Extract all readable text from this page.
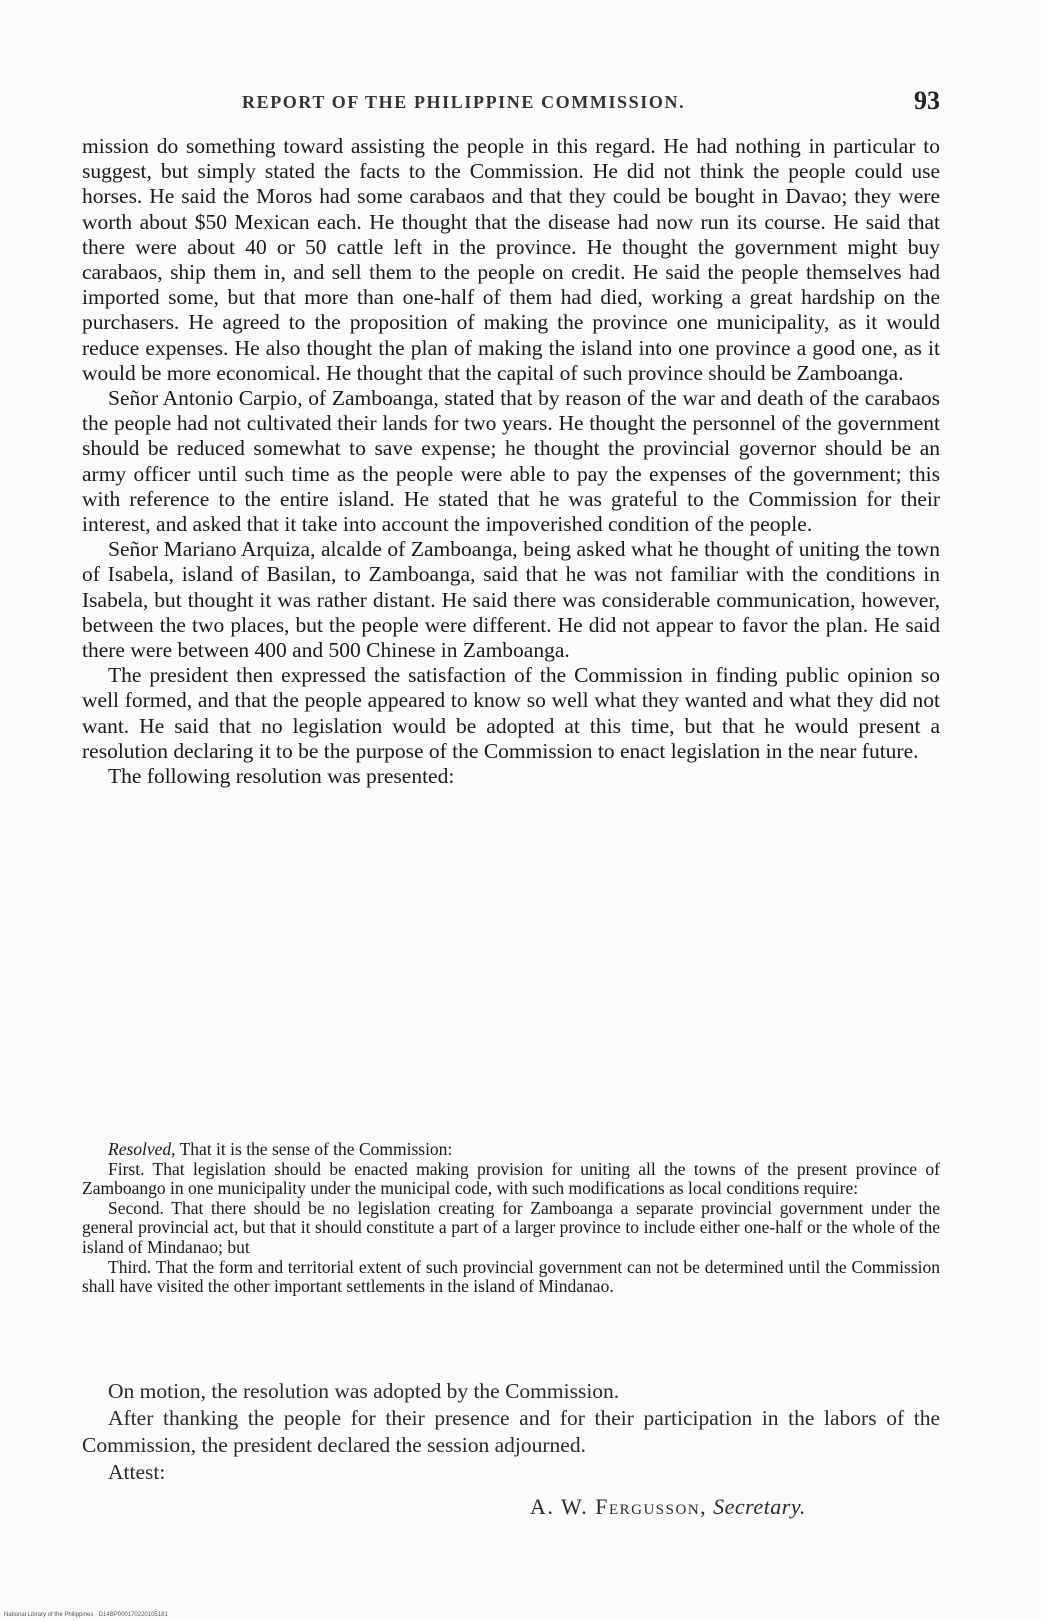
REPORT OF THE PHILIPPINE COMMISSION.	93

mission do something toward assisting the people in this regard. He had nothing in particular to suggest, but simply stated the facts to the Commission. He did not think the people could use horses. He said the Moros had some carabaos and that they could be bought in Davao; they were worth about $50 Mexican each. He thought that the disease had now run its course. He said that there were about 40 or 50 cattle left in the province. He thought the government might buy carabaos, ship them in, and sell them to the people on credit. He said the people themselves had imported some, but that more than one-half of them had died, working a great hardship on the purchasers. He agreed to the proposition of making the province one municipality, as it would reduce expenses. He also thought the plan of making the island into one province a good one, as it would be more economical. He thought that the capital of such province should be Zamboanga.

Señor Antonio Carpio, of Zamboanga, stated that by reason of the war and death of the carabaos the people had not cultivated their lands for two years. He thought the personnel of the government should be reduced somewhat to save expense; he thought the provincial governor should be an army officer until such time as the people were able to pay the expenses of the government; this with reference to the entire island. He stated that he was grateful to the Commission for their interest, and asked that it take into account the impoverished condition of the people.

Señor Mariano Arquiza, alcalde of Zamboanga, being asked what he thought of uniting the town of Isabela, island of Basilan, to Zamboanga, said that he was not familiar with the conditions in Isabela, but thought it was rather distant. He said there was considerable communication, however, between the two places, but the people were different. He did not appear to favor the plan. He said there were between 400 and 500 Chinese in Zamboanga.

The president then expressed the satisfaction of the Commission in finding public opinion so well formed, and that the people appeared to know so well what they wanted and what they did not want. He said that no legislation would be adopted at this time, but that he would present a resolution declaring it to be the purpose of the Commission to enact legislation in the near future.

The following resolution was presented:

Resolved, That it is the sense of the Commission:

First. That legislation should be enacted making provision for uniting all the towns of the present province of Zamboango in one municipality under the municipal code, with such modifications as local conditions require:

Second. That there should be no legislation creating for Zamboanga a separate provincial government under the general provincial act, but that it should constitute a part of a larger province to include either one-half or the whole of the island of Mindanao; but

Third. That the form and territorial extent of such provincial government can not be determined until the Commission shall have visited the other important settlements in the island of Mindanao.

On motion, the resolution was adopted by the Commission.

After thanking the people for their presence and for their participation in the labors of the Commission, the president declared the session adjourned.

Attest:

A. W. Fergusson, Secretary.
National Library of the Philippines · D14BP000170220105181
